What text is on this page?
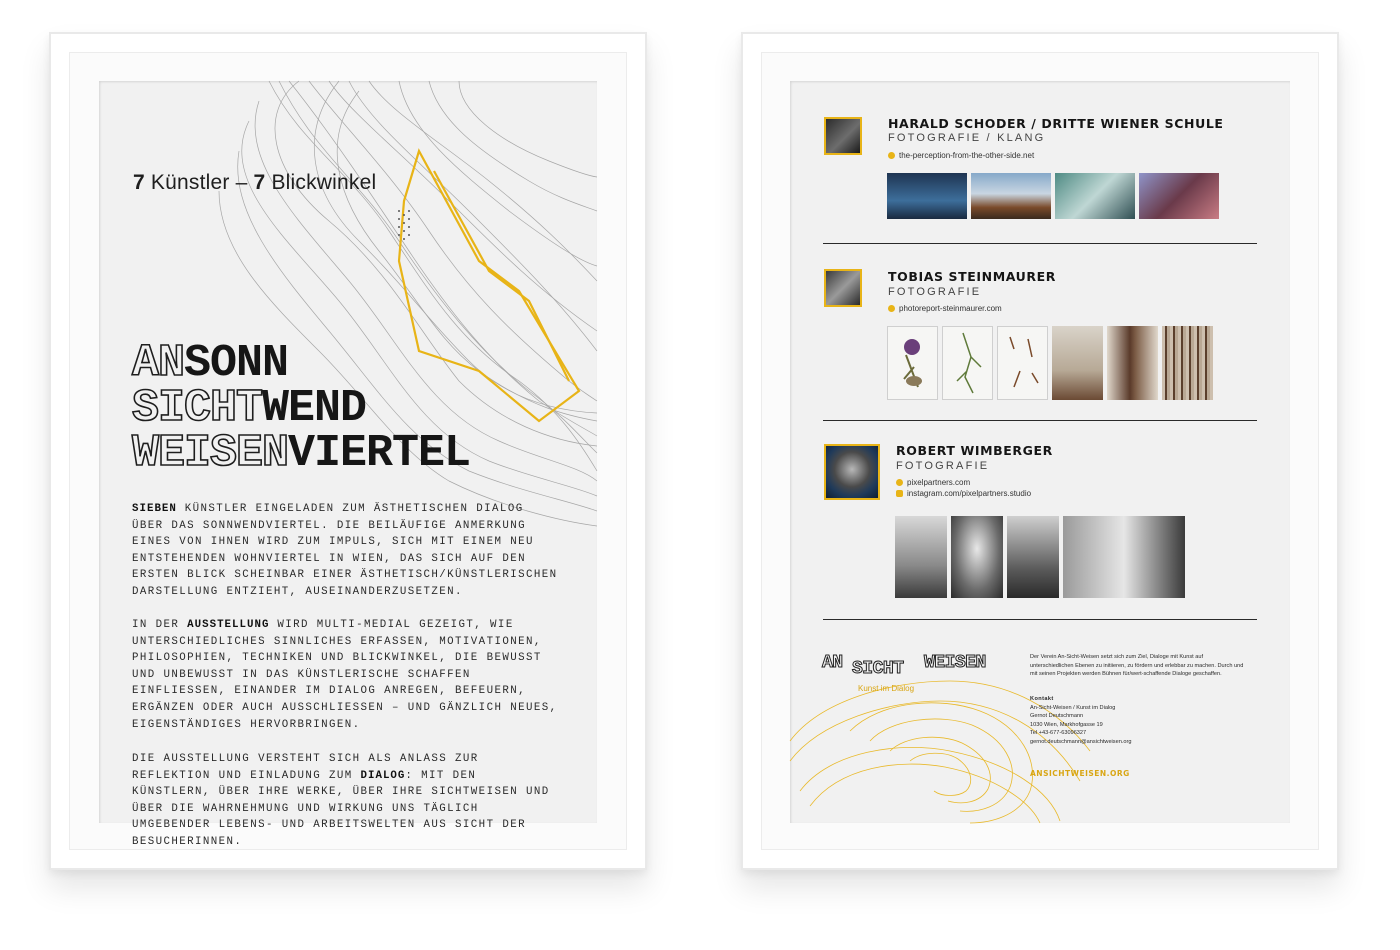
7 Künstler – 7 Blickwinkel
ANSONN
SICHTWEND
WEISENVIERTEL
SIEBEN KÜNSTLER EINGELADEN ZUM ÄSTHETISCHEN DIALOG ÜBER DAS SONNWENDVIERTEL. DIE BEILÄUFIGE ANMERKUNG EINES VON IHNEN WIRD ZUM IMPULS, SICH MIT EINEM NEU ENTSTEHENDEN WOHNVIERTEL IN WIEN, DAS SICH AUF DEN ERSTEN BLICK SCHEINBAR EINER ÄSTHETISCH/KÜNSTLERISCHEN DARSTELLUNG ENTZIEHT, AUSEINANDERZUSETZEN.
IN DER AUSSTELLUNG WIRD MULTI-MEDIAL GEZEIGT, WIE UNTERSCHIEDLICHES SINNLICHES ERFASSEN, MOTIVATIONEN, PHILOSOPHIEN, TECHNIKEN UND BLICKWINKEL, DIE BEWUSST UND UNBEWUSST IN DAS KÜNSTLERISCHE SCHAFFEN EINFLIESSEN, EINANDER IM DIALOG ANREGEN, BEFEUERN, ERGÄNZEN ODER AUCH AUSSCHLIESSEN – UND GÄNZLICH NEUES, EIGENSTÄNDIGES HERVORBRINGEN.
DIE AUSSTELLUNG VERSTEHT SICH ALS ANLASS ZUR REFLEKTION UND EINLADUNG ZUM DIALOG: MIT DEN KÜNSTLERN, ÜBER IHRE WERKE, ÜBER IHRE SICHTWEISEN UND ÜBER DIE WAHRNEHMUNG UND WIRKUNG UNS TÄGLICH UMGEBENDER LEBENS- UND ARBEITSWELTEN AUS SICHT DER BESUCHERINNEN.
HARALD SCHODER / DRITTE WIENER SCHULE
FOTOGRAFIE / KLANG
the-perception-from-the-other-side.net
TOBIAS STEINMAURER
FOTOGRAFIE
photoreport-steinmaurer.com
ROBERT WIMBERGER
FOTOGRAFIE
pixelpartners.com
instagram.com/pixelpartners.studio
AN SICHT WEISEN
Kunst im Dialog
Der Verein An-Sicht-Weisen setzt sich zum Ziel, Dialoge mit Kunst auf unterschiedlichen Ebenen zu initiieren, zu fördern und erlebbar zu machen. Durch und mit seinen Projekten werden Bühnen für/wert-schaffende Dialoge geschaffen.
Kontakt
An-Sicht-Weisen / Kunst im Dialog
Gernot Deutschmann
1030 Wien, Markhofgasse 19
Tel +43-677-63096327
gernot.deutschmann@ansichtweisen.org
ANSICHTWEISEN.ORG
